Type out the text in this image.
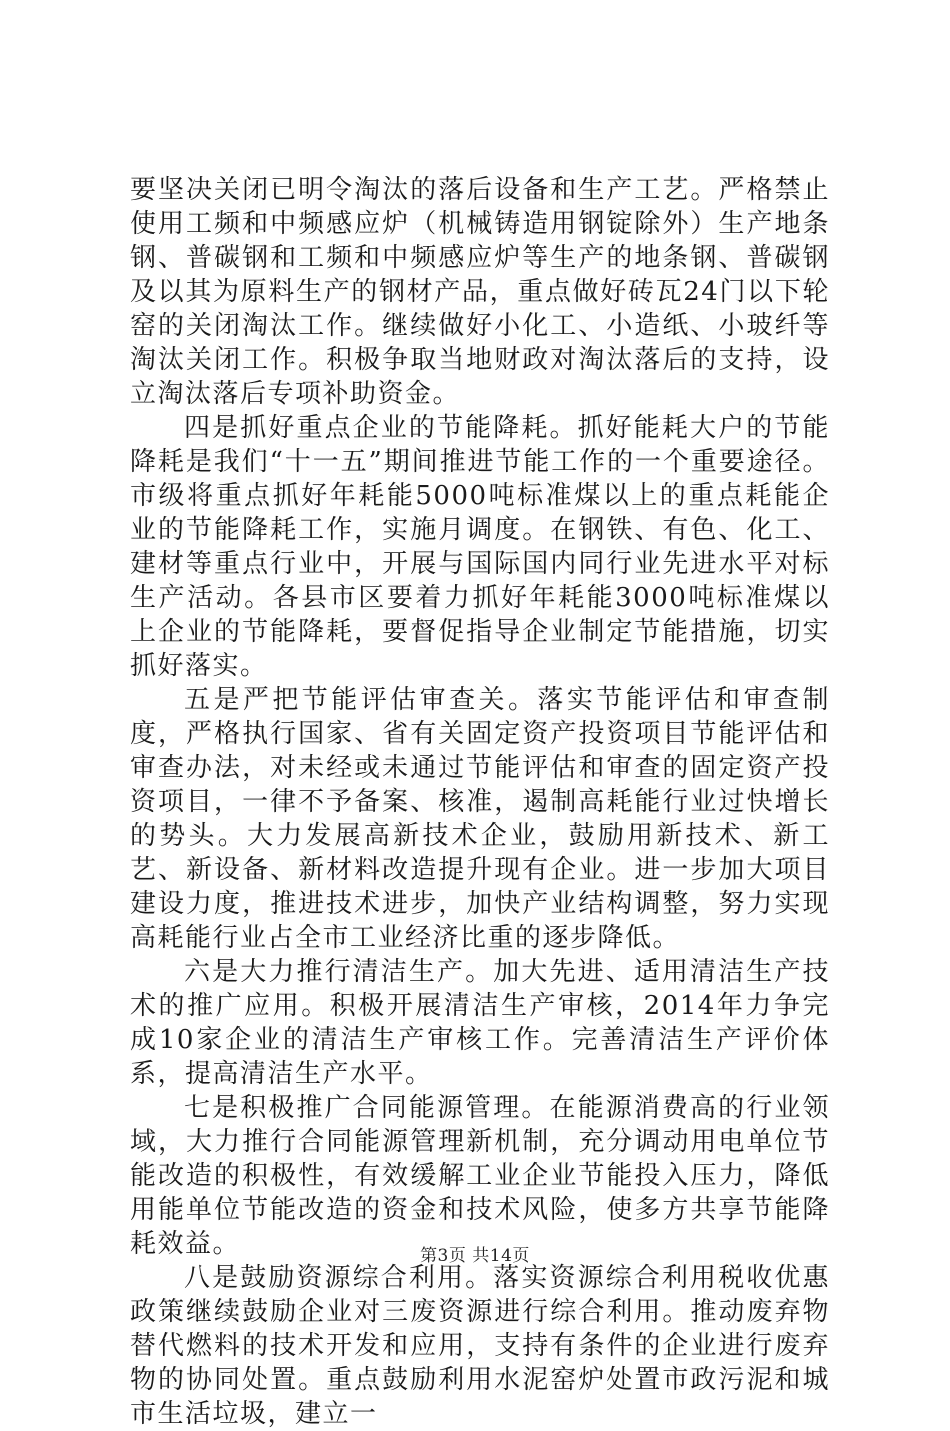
要坚决关闭已明令淘汰的落后设备和生产工艺。严格禁止使用工频和中频感应炉（机械铸造用钢锭除外）生产地条钢、普碳钢和工频和中频感应炉等生产的地条钢、普碳钢及以其为原料生产的钢材产品，重点做好砖瓦24门以下轮窑的关闭淘汰工作。继续做好小化工、小造纸、小玻纤等淘汰关闭工作。积极争取当地财政对淘汰落后的支持，设立淘汰落后专项补助资金。

四是抓好重点企业的节能降耗。抓好能耗大户的节能降耗是我们“十一五”期间推进节能工作的一个重要途径。市级将重点抓好年耗能5000吨标准煤以上的重点耗能企业的节能降耗工作，实施月调度。在钢铁、有色、化工、建材等重点行业中，开展与国际国内同行业先进水平对标生产活动。各县市区要着力抓好年耗能3000吨标准煤以上企业的节能降耗，要督促指导企业制定节能措施，切实抓好落实。

五是严把节能评估审查关。落实节能评估和审查制度，严格执行国家、省有关固定资产投资项目节能评估和审查办法，对未经或未通过节能评估和审查的固定资产投资项目，一律不予备案、核准，遏制高耗能行业过快增长的势头。大力发展高新技术企业，鼓励用新技术、新工艺、新设备、新材料改造提升现有企业。进一步加大项目建设力度，推进技术进步，加快产业结构调整，努力实现高耗能行业占全市工业经济比重的逐步降低。

六是大力推行清洁生产。加大先进、适用清洁生产技术的推广应用。积极开展清洁生产审核，2014年力争完成10家企业的清洁生产审核工作。完善清洁生产评价体系，提高清洁生产水平。

七是积极推广合同能源管理。在能源消费高的行业领域，大力推行合同能源管理新机制，充分调动用电单位节能改造的积极性，有效缓解工业企业节能投入压力，降低用能单位节能改造的资金和技术风险，使多方共享节能降耗效益。

八是鼓励资源综合利用。落实资源综合利用税收优惠政策继续鼓励企业对三废资源进行综合利用。推动废弃物替代燃料的技术开发和应用，支持有条件的企业进行废弃物的协同处置。重点鼓励利用水泥窑炉处置市政污泥和城市生活垃圾，建立一

第3页 共14页
